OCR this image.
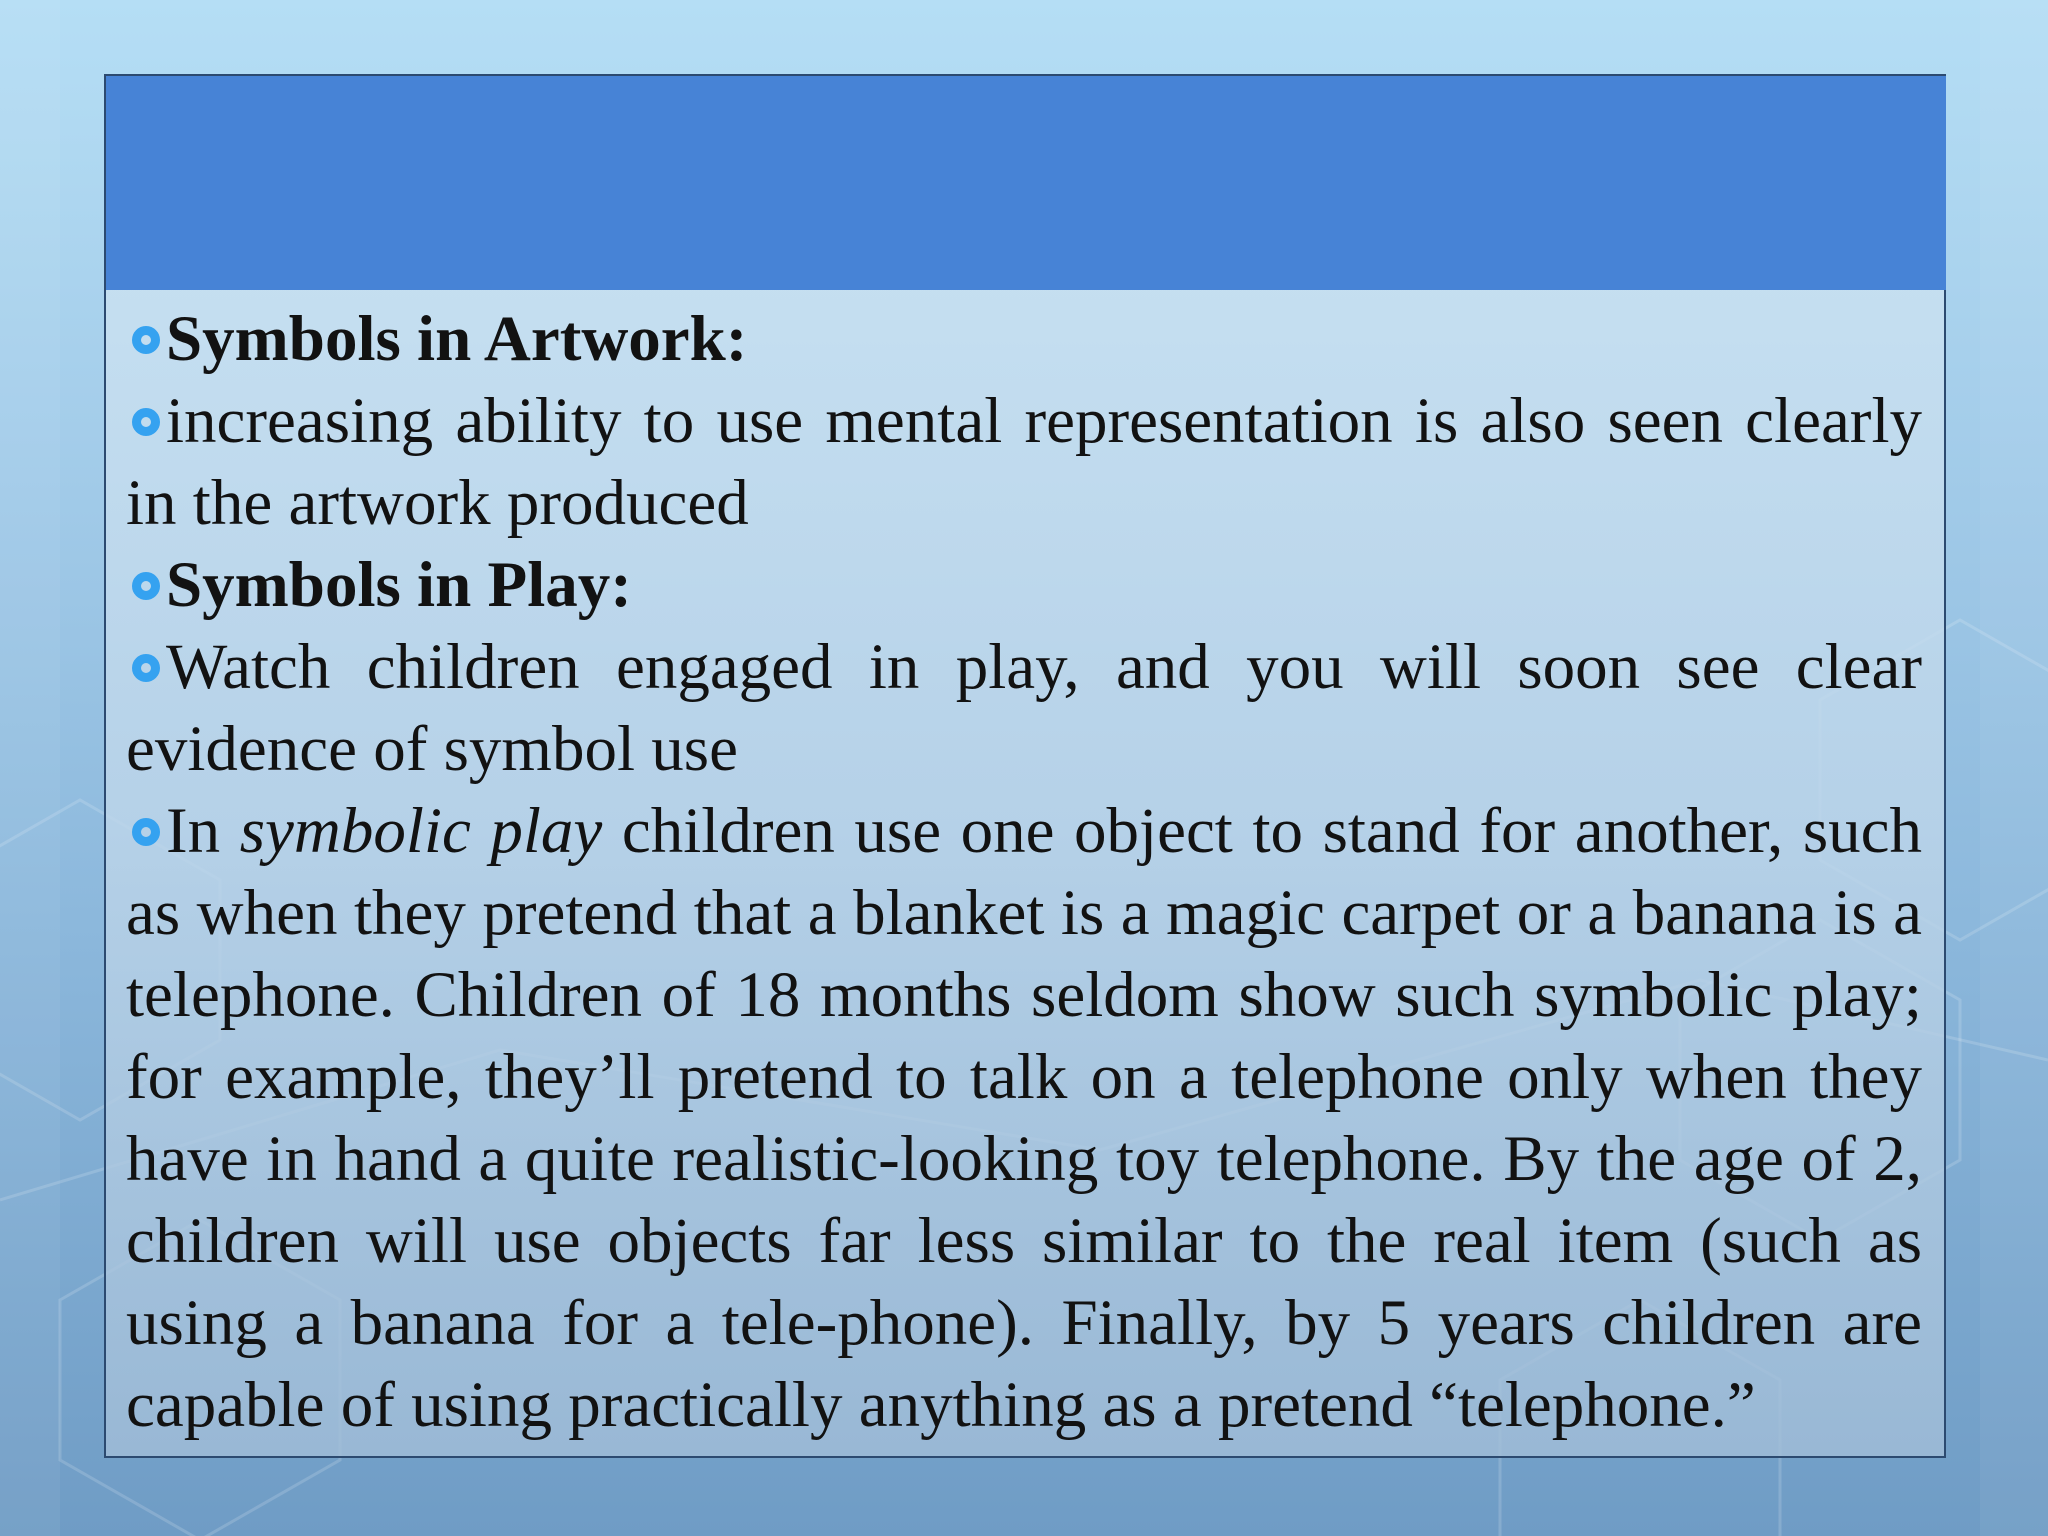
Symbols in Artwork:

increasing ability to use mental representation is also seen clearly in the artwork produced

Symbols in Play:

Watch children engaged in play, and you will soon see clear evidence of symbol use

In symbolic play children use one object to stand for another, such as when they pretend that a blanket is a magic carpet or a banana is a telephone. Children of 18 months seldom show such symbolic play; for example, they’ll pretend to talk on a telephone only when they have in hand a quite realistic-looking toy telephone. By the age of 2, children will use objects far less similar to the real item (such as using a banana for a tele-phone). Finally, by 5 years children are capable of using practically anything as a pretend “telephone.”
